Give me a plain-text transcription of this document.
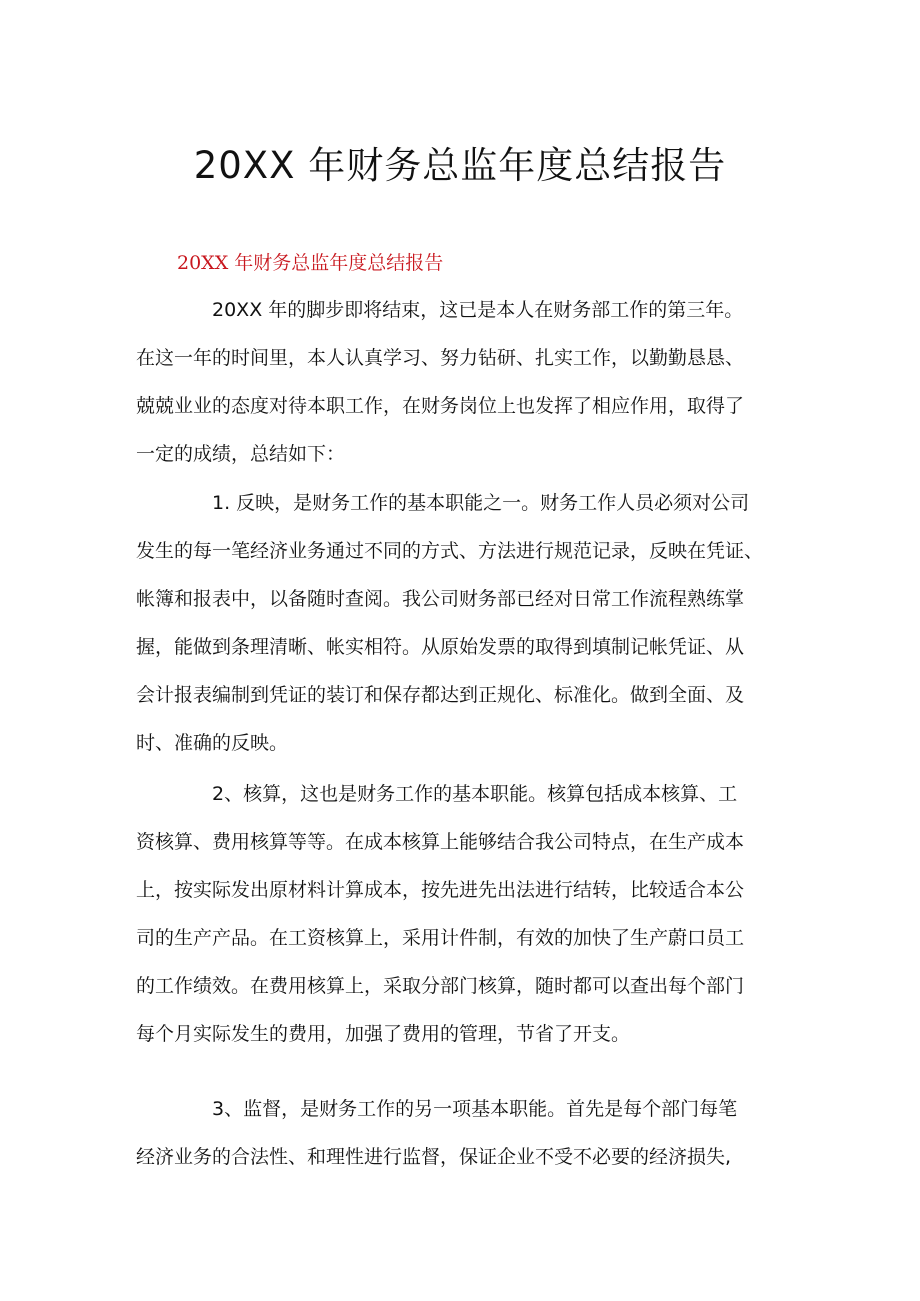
20XX 年财务总监年度总结报告
20XX 年财务总监年度总结报告
20XX 年的脚步即将结束，这已是本人在财务部工作的第三年。
在这一年的时间里，本人认真学习、努力钻研、扎实工作，以勤勤恳恳、
兢兢业业的态度对待本职工作，在财务岗位上也发挥了相应作用，取得了
一定的成绩，总结如下：
1. 反映，是财务工作的基本职能之一。财务工作人员必须对公司
发生的每一笔经济业务通过不同的方式、方法进行规范记录，反映在凭证、
帐簿和报表中，以备随时查阅。我公司财务部已经对日常工作流程熟练掌
握，能做到条理清晰、帐实相符。从原始发票的取得到填制记帐凭证、从
会计报表编制到凭证的装订和保存都达到正规化、标准化。做到全面、及
时、准确的反映。
2、核算，这也是财务工作的基本职能。核算包括成本核算、工
资核算、费用核算等等。在成本核算上能够结合我公司特点，在生产成本
上，按实际发出原材料计算成本，按先进先出法进行结转，比较适合本公
司的生产产品。在工资核算上，采用计件制，有效的加快了生产蔚口员工
的工作绩效。在费用核算上，采取分部门核算，随时都可以查出每个部门
每个月实际发生的费用，加强了费用的管理，节省了开支。
3、监督，是财务工作的另一项基本职能。首先是每个部门每笔
经济业务的合法性、和理性进行监督，保证企业不受不必要的经济损失,
